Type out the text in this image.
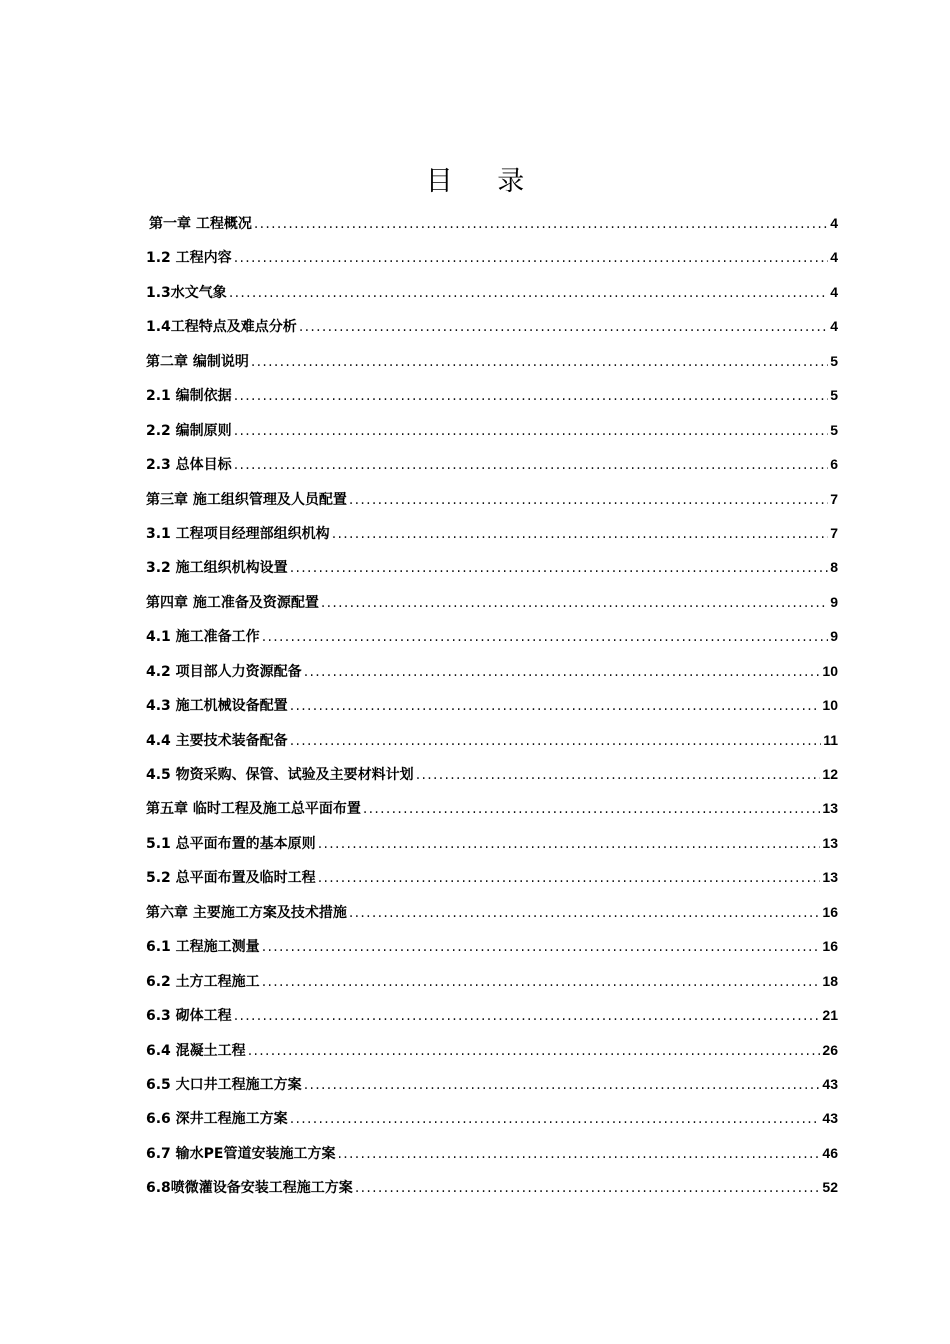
目 录
第一章 工程概况 .....	4
1.2 工程内容 .....	4
1.3水文气象 .....	4
1.4工程特点及难点分析 .....	4
第二章 编制说明 .....	5
2.1 编制依据 .....	5
2.2 编制原则 .....	5
2.3 总体目标 .....	6
第三章 施工组织管理及人员配置 .....	7
3.1 工程项目经理部组织机构 .....	7
3.2 施工组织机构设置 .....	8
第四章 施工准备及资源配置 .....	9
4.1 施工准备工作 .....	9
4.2 项目部人力资源配备 .....	10
4.3 施工机械设备配置 .....	10
4.4 主要技术装备配备 .....	11
4.5 物资采购、保管、试验及主要材料计划 .....	12
第五章 临时工程及施工总平面布置 .....	13
5.1 总平面布置的基本原则 .....	13
5.2 总平面布置及临时工程 .....	13
第六章 主要施工方案及技术措施 .....	16
6.1 工程施工测量 .....	16
6.2 土方工程施工 .....	18
6.3 砌体工程 .....	21
6.4 混凝土工程 .....	26
6.5 大口井工程施工方案 .....	43
6.6 深井工程施工方案 .....	43
6.7 输水PE管道安装施工方案 .....	46
6.8喷微灌设备安装工程施工方案 .....	52
